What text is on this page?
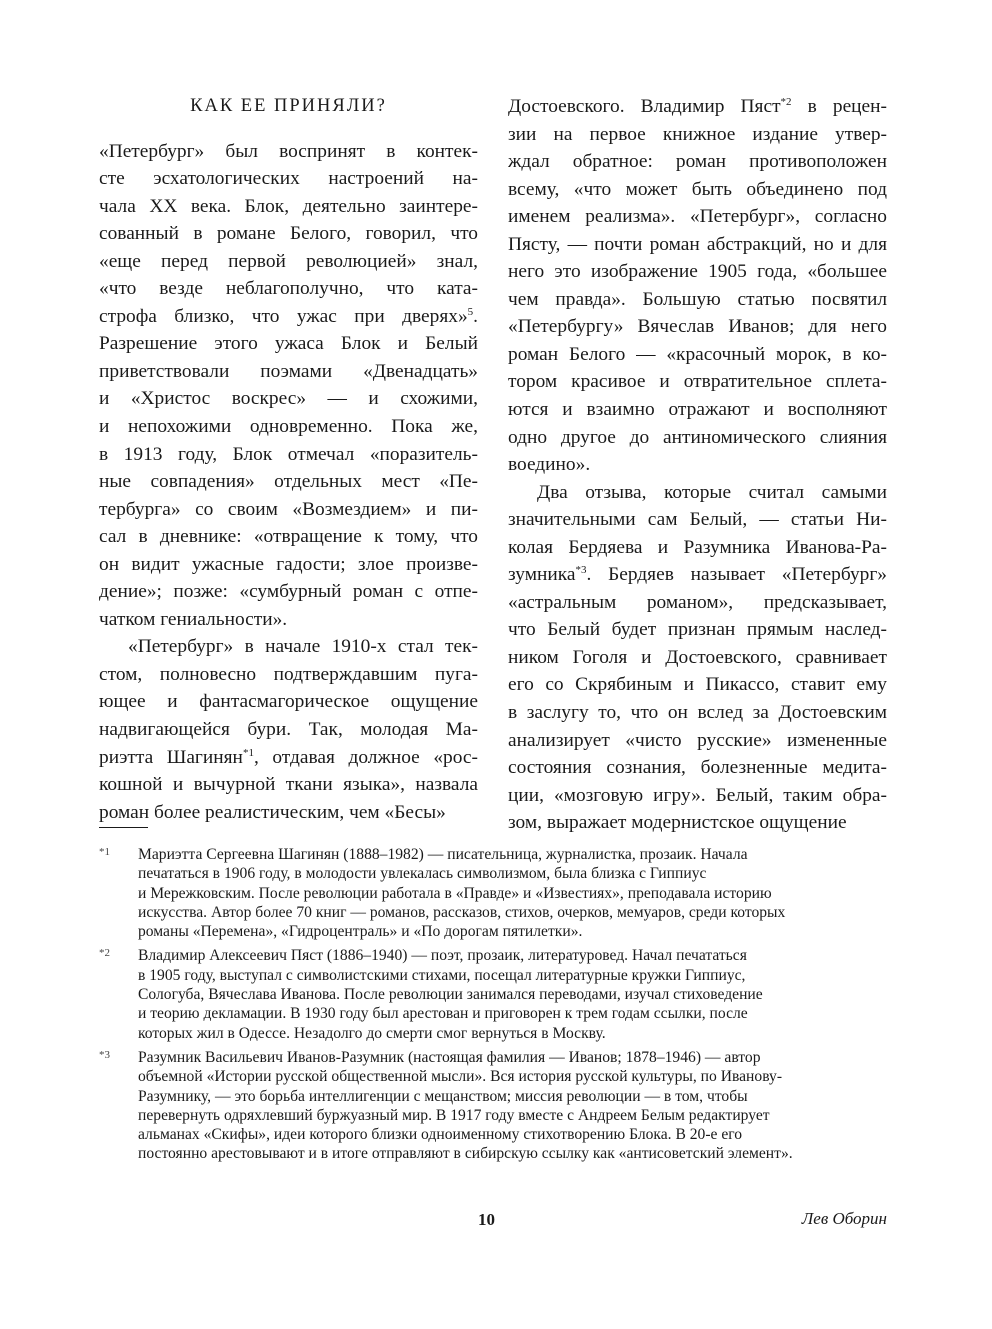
КАК ЕЕ ПРИНЯЛИ?
«Петербург» был воспринят в контек-
сте эсхатологических настроений на-
чала XX века. Блок, деятельно заинтере-
сованный в романе Белого, говорил, что
«еще перед первой революцией» знал,
«что везде неблагополучно, что ката-
строфа близко, что ужас при дверях»$^5$.
Разрешение этого ужаса Блок и Белый
приветствовали поэмами «Двенадцать»
и «Христос воскрес» — и схожими,
и непохожими одновременно. Пока же,
в 1913 году, Блок отмечал «поразитель-
ные совпадения» отдельных мест «Пе-
тербурга» со своим «Возмездием» и пи-
сал в дневнике: «отвращение к тому, что
он видит ужасные гадости; злое произве-
дение»; позже: «сумбурный роман с отпе-
чатком гениальности».
«Петербург» в начале 1910-х стал тек-
стом, полновесно подтверждавшим пуга-
ющее и фантасмагорическое ощущение
надвигающейся бури. Так, молодая Ма-
риэтта Шагинян$^{*1}$, отдавая должное «рос-
кошной и вычурной ткани языка», назвала
роман более реалистическим, чем «Бесы»
Достоевского. Владимир Пяст$^{*2}$ в рецен-
зии на первое книжное издание утвер-
ждал обратное: роман противоположен
всему, «что может быть объединено под
именем реализма». «Петербург», согласно
Пясту, — почти роман абстракций, но и для
него это изображение 1905 года, «большее
чем правда». Большую статью посвятил
«Петербургу» Вячеслав Иванов; для него
роман Белого — «красочный морок, в ко-
тором красивое и отвратительное сплета-
ются и взаимно отражают и восполняют
одно другое до антиномического слияния
воедино».
Два отзыва, которые считал самыми
значительными сам Белый, — статьи Ни-
колая Бердяева и Разумника Иванова-Ра-
зумника$^{*3}$. Бердяев называет «Петербург»
«астральным романом», предсказывает,
что Белый будет признан прямым наслед-
ником Гоголя и Достоевского, сравнивает
его со Скрябиным и Пикассо, ставит ему
в заслугу то, что он вслед за Достоевским
анализирует «чисто русские» измененные
состояния сознания, болезненные медита-
ции, «мозговую игру». Белый, таким обра-
зом, выражает модернистское ощущение
*1 Мариэтта Сергеевна Шагинян (1888–1982) — писательница, журналистка, прозаик. Начала
печататься в 1906 году, в молодости увлекалась символизмом, была близка с Гиппиус
и Мережковским. После революции работала в «Правде» и «Известиях», преподавала историю
искусства. Автор более 70 книг — романов, рассказов, стихов, очерков, мемуаров, среди которых
романы «Перемена», «Гидроцентраль» и «По дорогам пятилетки».
*2 Владимир Алексеевич Пяст (1886–1940) — поэт, прозаик, литературовед. Начал печататься
в 1905 году, выступал с символистскими стихами, посещал литературные кружки Гиппиус,
Сологуба, Вячеслава Иванова. После революции занимался переводами, изучал стиховедение
и теорию декламации. В 1930 году был арестован и приговорен к трем годам ссылки, после
которых жил в Одессе. Незадолго до смерти смог вернуться в Москву.
*3 Разумник Васильевич Иванов-Разумник (настоящая фамилия — Иванов; 1878–1946) — автор
объемной «Истории русской общественной мысли». Вся история русской культуры, по Иванову-
Разумнику, — это борьба интеллигенции с мещанством; миссия революции — в том, чтобы
перевернуть одряхлевший буржуазный мир. В 1917 году вместе с Андреем Белым редактирует
альманах «Скифы», идеи которого близки одноименному стихотворению Блока. В 20-е его
постоянно арестовывают и в итоге отправляют в сибирскую ссылку как «антисоветский элемент».
10	Лев Оборин
